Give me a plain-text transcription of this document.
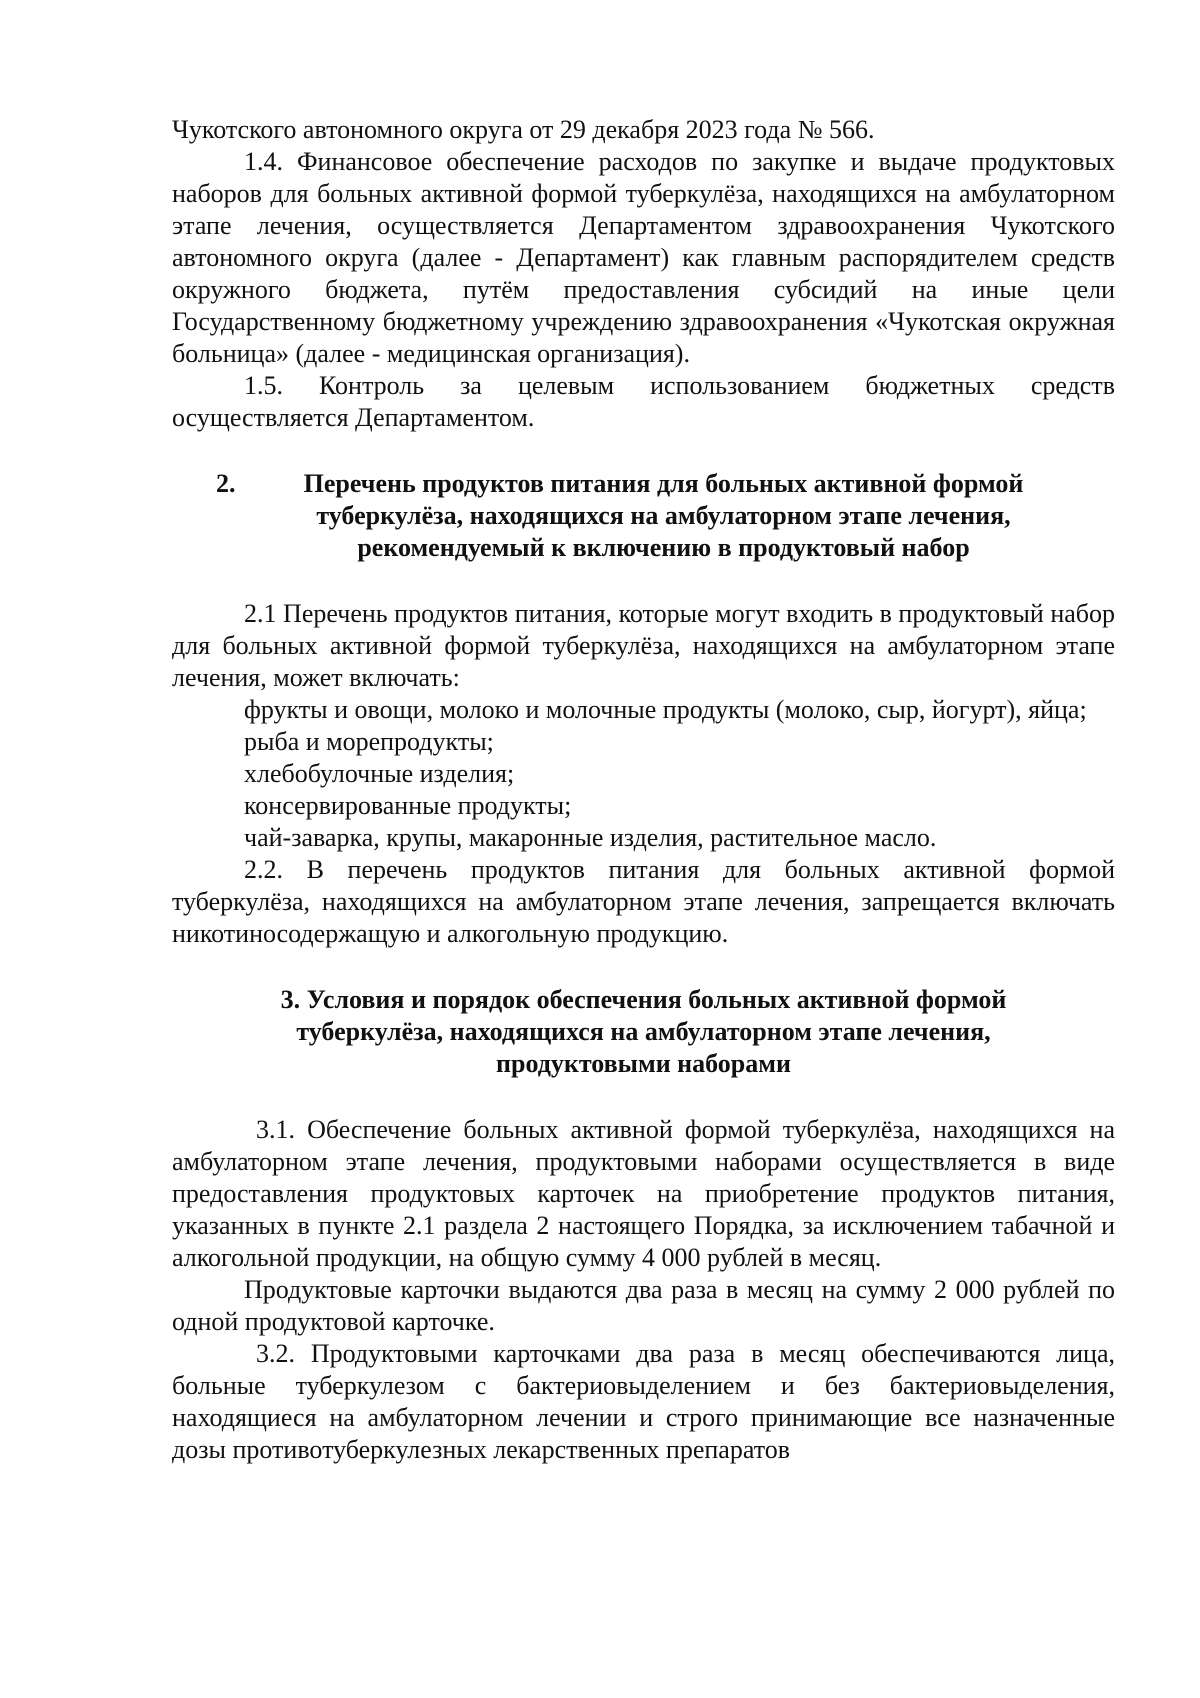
Чукотского автономного округа от 29 декабря 2023 года № 566.

1.4. Финансовое обеспечение расходов по закупке и выдаче продуктовых наборов для больных активной формой туберкулёза, находящихся на амбулаторном этапе лечения, осуществляется Департаментом здравоохранения Чукотского автономного округа (далее - Департамент) как главным распорядителем средств окружного бюджета, путём предоставления субсидий на иные цели Государственному бюджетному учреждению здравоохранения «Чукотская окружная больница» (далее - медицинская организация).

1.5. Контроль за целевым использованием бюджетных средств осуществляется Департаментом.

2.	Перечень продуктов питания для больных активной формой туберкулёза, находящихся на амбулаторном этапе лечения, рекомендуемый к включению в продуктовый набор

2.1 Перечень продуктов питания, которые могут входить в продуктовый набор для больных активной формой туберкулёза, находящихся на амбулаторном этапе лечения, может включать:

фрукты и овощи, молоко и молочные продукты (молоко, сыр, йогурт), яйца;

рыба и морепродукты;

хлебобулочные изделия;

консервированные продукты;

чай-заварка, крупы, макаронные изделия, растительное масло.

2.2. В перечень продуктов питания для больных активной формой туберкулёза, находящихся на амбулаторном этапе лечения, запрещается включать никотиносодержащую и алкогольную продукцию.

3. Условия и порядок обеспечения больных активной формой туберкулёза, находящихся на амбулаторном этапе лечения, продуктовыми наборами

3.1. Обеспечение больных активной формой туберкулёза, находящихся на амбулаторном этапе лечения, продуктовыми наборами осуществляется в виде предоставления продуктовых карточек на приобретение продуктов питания, указанных в пункте 2.1 раздела 2 настоящего Порядка, за исключением табачной и алкогольной продукции, на общую сумму 4 000 рублей в месяц.

Продуктовые карточки выдаются два раза в месяц на сумму 2 000 рублей по одной продуктовой карточке.

3.2. Продуктовыми карточками два раза в месяц обеспечиваются лица, больные туберкулезом с бактериовыделением и без бактериовыделения, находящиеся на амбулаторном лечении и строго принимающие все назначенные дозы противотуберкулезных лекарственных препаратов
